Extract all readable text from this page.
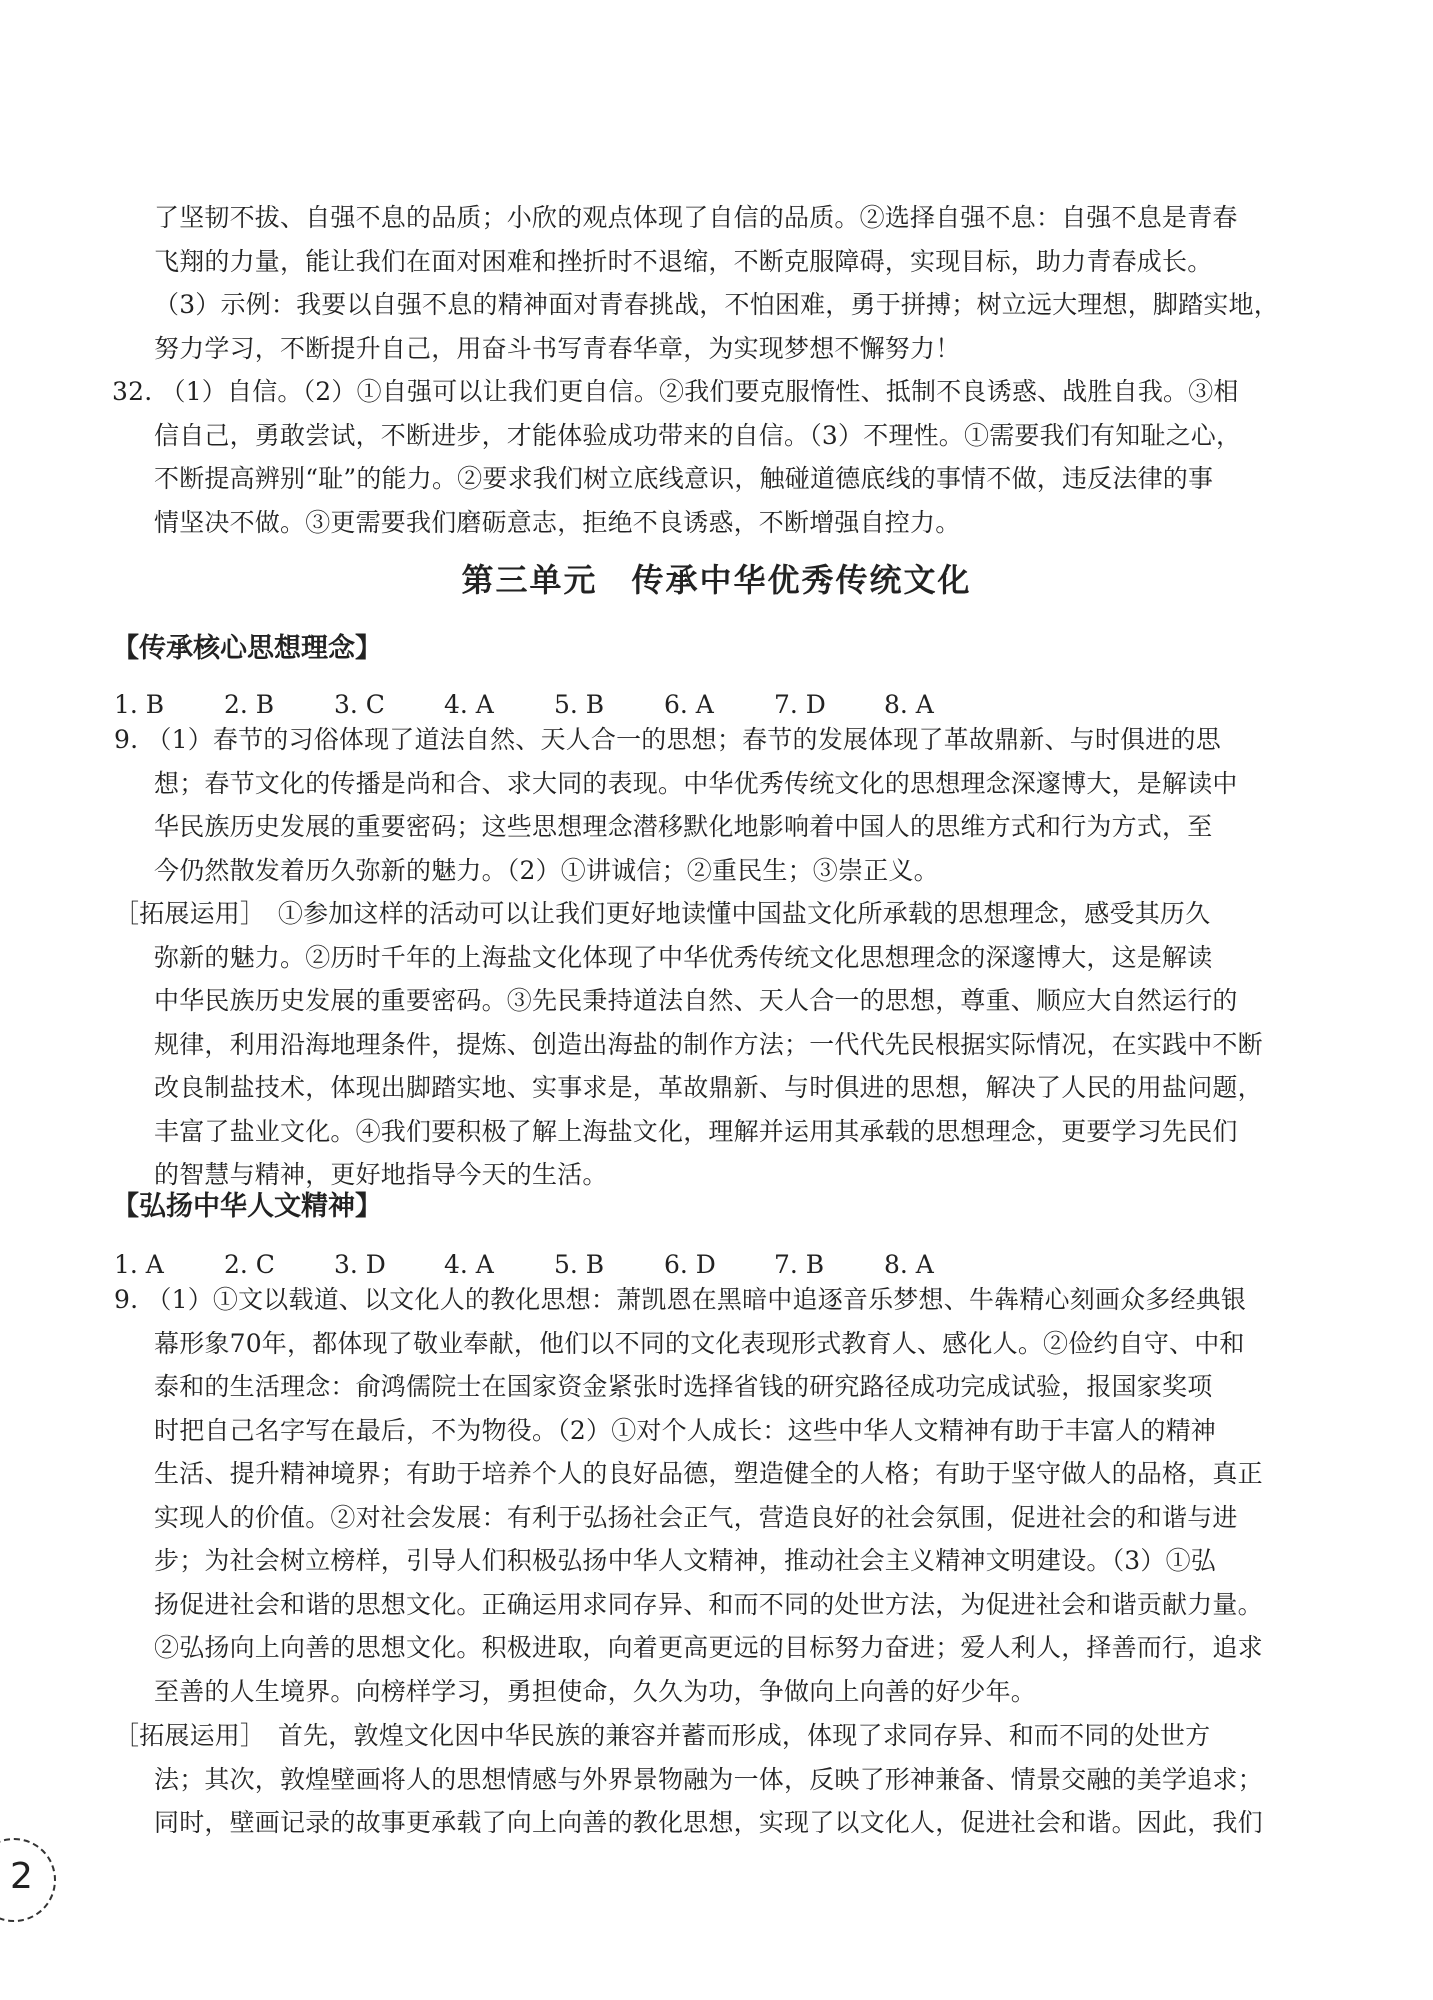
了坚韧不拔、自强不息的品质；小欣的观点体现了自信的品质。②选择自强不息：自强不息是青春
飞翔的力量，能让我们在面对困难和挫折时不退缩，不断克服障碍，实现目标，助力青春成长。
（3）示例：我要以自强不息的精神面对青春挑战，不怕困难，勇于拼搏；树立远大理想，脚踏实地，
努力学习，不断提升自己，用奋斗书写青春华章，为实现梦想不懈努力！
32. （1）自信。（2）①自强可以让我们更自信。②我们要克服惰性、抵制不良诱惑、战胜自我。③相
信自己，勇敢尝试，不断进步，才能体验成功带来的自信。（3）不理性。①需要我们有知耻之心，
不断提高辨别“耻”的能力。②要求我们树立底线意识，触碰道德底线的事情不做，违反法律的事
情坚决不做。③更需要我们磨砺意志，拒绝不良诱惑，不断增强自控力。
第三单元　传承中华优秀传统文化
【传承核心思想理念】
1. B 2. B 3. C 4. A 5. B 6. A 7. D 8. A
9. （1）春节的习俗体现了道法自然、天人合一的思想；春节的发展体现了革故鼎新、与时俱进的思
想；春节文化的传播是尚和合、求大同的表现。中华优秀传统文化的思想理念深邃博大，是解读中
华民族历史发展的重要密码；这些思想理念潜移默化地影响着中国人的思维方式和行为方式，至
今仍然散发着历久弥新的魅力。（2）①讲诚信；②重民生；③崇正义。
［拓展运用］　①参加这样的活动可以让我们更好地读懂中国盐文化所承载的思想理念，感受其历久
弥新的魅力。②历时千年的上海盐文化体现了中华优秀传统文化思想理念的深邃博大，这是解读
中华民族历史发展的重要密码。③先民秉持道法自然、天人合一的思想，尊重、顺应大自然运行的
规律，利用沿海地理条件，提炼、创造出海盐的制作方法；一代代先民根据实际情况，在实践中不断
改良制盐技术，体现出脚踏实地、实事求是，革故鼎新、与时俱进的思想，解决了人民的用盐问题，
丰富了盐业文化。④我们要积极了解上海盐文化，理解并运用其承载的思想理念，更要学习先民们
的智慧与精神，更好地指导今天的生活。
【弘扬中华人文精神】
1. A 2. C 3. D 4. A 5. B 6. D 7. B 8. A
9. （1）①文以载道、以文化人的教化思想：萧凯恩在黑暗中追逐音乐梦想、牛犇精心刻画众多经典银
幕形象70年，都体现了敬业奉献，他们以不同的文化表现形式教育人、感化人。②俭约自守、中和
泰和的生活理念：俞鸿儒院士在国家资金紧张时选择省钱的研究路径成功完成试验，报国家奖项
时把自己名字写在最后，不为物役。（2）①对个人成长：这些中华人文精神有助于丰富人的精神
生活、提升精神境界；有助于培养个人的良好品德，塑造健全的人格；有助于坚守做人的品格，真正
实现人的价值。②对社会发展：有利于弘扬社会正气，营造良好的社会氛围，促进社会的和谐与进
步；为社会树立榜样，引导人们积极弘扬中华人文精神，推动社会主义精神文明建设。（3）①弘
扬促进社会和谐的思想文化。正确运用求同存异、和而不同的处世方法，为促进社会和谐贡献力量。
②弘扬向上向善的思想文化。积极进取，向着更高更远的目标努力奋进；爱人利人，择善而行，追求
至善的人生境界。向榜样学习，勇担使命，久久为功，争做向上向善的好少年。
［拓展运用］　首先，敦煌文化因中华民族的兼容并蓄而形成，体现了求同存异、和而不同的处世方
法；其次，敦煌壁画将人的思想情感与外界景物融为一体，反映了形神兼备、情景交融的美学追求；
同时，壁画记录的故事更承载了向上向善的教化思想，实现了以文化人，促进社会和谐。因此，我们
2
